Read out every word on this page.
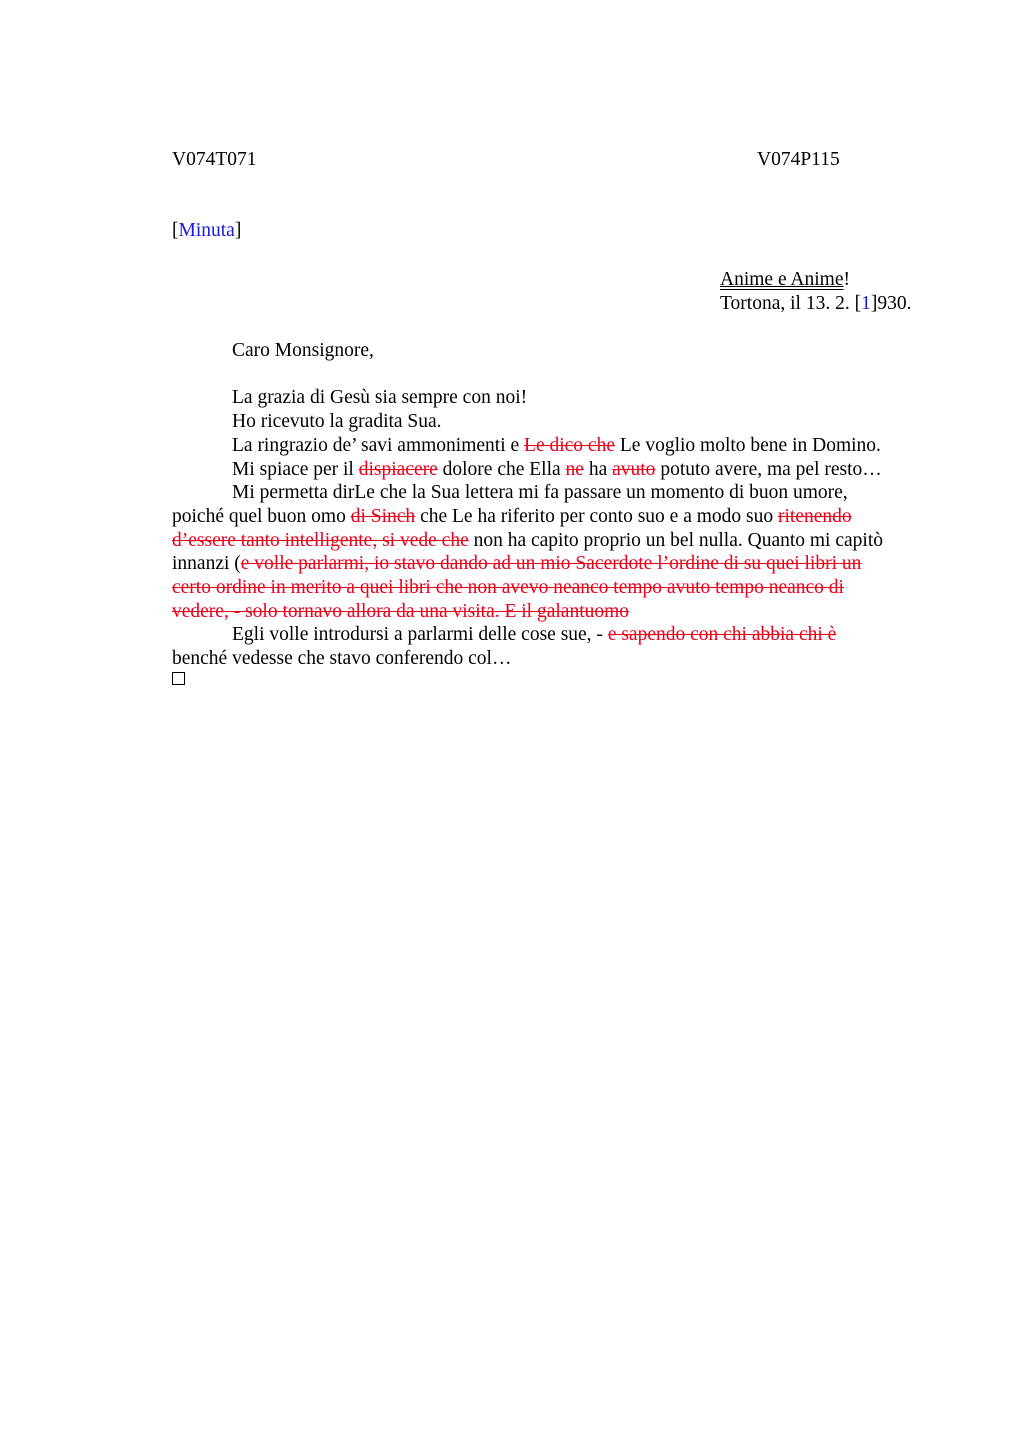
V074T071	V074P115
[Minuta]
Anime e Anime!
Tortona, il 13. 2. [1]930.
Caro Monsignore,
La grazia di Gesù sia sempre con noi!
Ho ricevuto la gradita Sua.
La ringrazio de’ savi ammonimenti e Le dico che Le voglio molto bene in Domino.
Mi spiace per il dispiacere dolore che Ella ne ha avuto potuto avere, ma pel resto…
Mi permetta dirLe che la Sua lettera mi fa passare un momento di buon umore,
poiché quel buon omo di Sinch che Le ha riferito per conto suo e a modo suo ritenendo
d’essere tanto intelligente, si vede che non ha capito proprio un bel nulla. Quanto mi capitò
innanzi (e volle parlarmi, io stavo dando ad un mio Sacerdote l’ordine di su quei libri un
certo ordine in merito a quei libri che non avevo neanco tempo avuto tempo neanco di
vedere, - solo tornavo allora da una visita. E il galantuomo
Egli volle introdursi a parlarmi delle cose sue, - e sapendo con chi abbia chi è
benché vedesse che stavo conferendo col…
